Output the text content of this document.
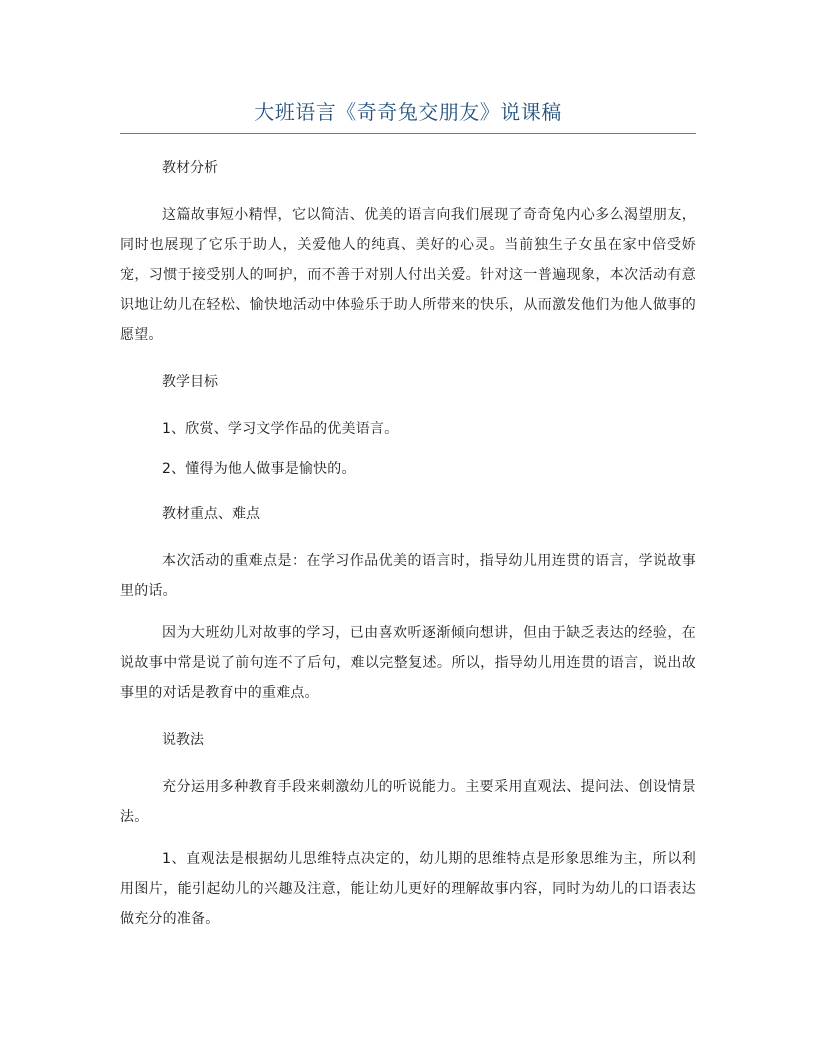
大班语言《奇奇兔交朋友》说课稿

教材分析

这篇故事短小精悍，它以简洁、优美的语言向我们展现了奇奇兔内心多么渴望朋友，同时也展现了它乐于助人，关爱他人的纯真、美好的心灵。当前独生子女虽在家中倍受娇宠，习惯于接受别人的呵护，而不善于对别人付出关爱。针对这一普遍现象，本次活动有意识地让幼儿在轻松、愉快地活动中体验乐于助人所带来的快乐，从而激发他们为他人做事的愿望。

教学目标

1、欣赏、学习文学作品的优美语言。

2、懂得为他人做事是愉快的。

教材重点、难点

本次活动的重难点是：在学习作品优美的语言时，指导幼儿用连贯的语言，学说故事里的话。

因为大班幼儿对故事的学习，已由喜欢听逐渐倾向想讲，但由于缺乏表达的经验，在说故事中常是说了前句连不了后句，难以完整复述。所以，指导幼儿用连贯的语言，说出故事里的对话是教育中的重难点。

说教法

充分运用多种教育手段来刺激幼儿的听说能力。主要采用直观法、提问法、创设情景法。

1、直观法是根据幼儿思维特点决定的，幼儿期的思维特点是形象思维为主，所以利用图片，能引起幼儿的兴趣及注意，能让幼儿更好的理解故事内容，同时为幼儿的口语表达做充分的准备。
